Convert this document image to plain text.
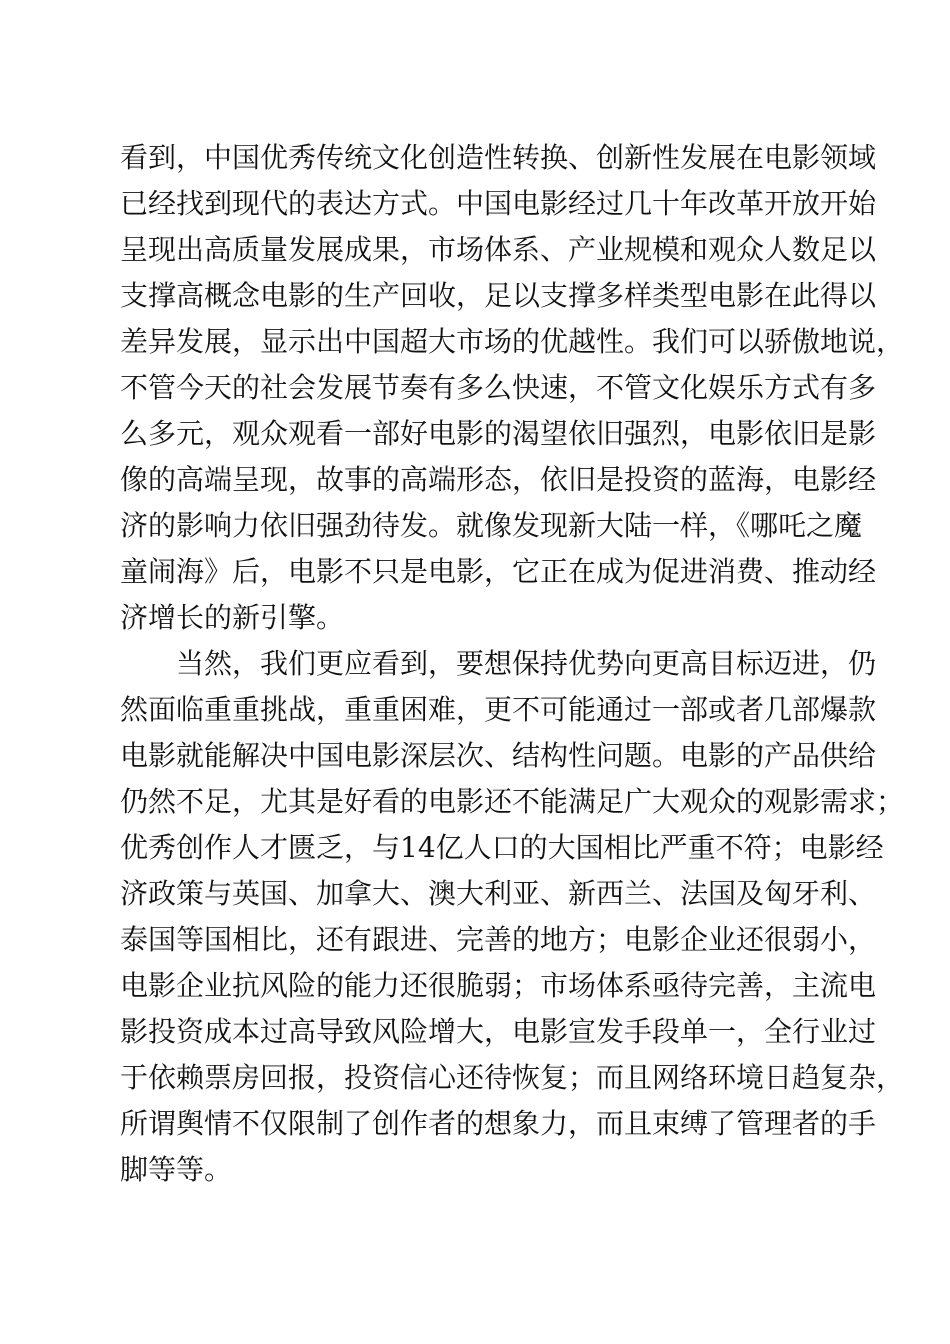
看到，中国优秀传统文化创造性转换、创新性发展在电影领域
已经找到现代的表达方式。中国电影经过几十年改革开放开始
呈现出高质量发展成果，市场体系、产业规模和观众人数足以
支撑高概念电影的生产回收，足以支撑多样类型电影在此得以
差异发展，显示出中国超大市场的优越性。我们可以骄傲地说，
不管今天的社会发展节奏有多么快速，不管文化娱乐方式有多
么多元，观众观看一部好电影的渴望依旧强烈，电影依旧是影
像的高端呈现，故事的高端形态，依旧是投资的蓝海，电影经
济的影响力依旧强劲待发。就像发现新大陆一样，《哪吒之魔
童闹海》后，电影不只是电影，它正在成为促进消费、推动经
济增长的新引擎。
当然，我们更应看到，要想保持优势向更高目标迈进，仍
然面临重重挑战，重重困难，更不可能通过一部或者几部爆款
电影就能解决中国电影深层次、结构性问题。电影的产品供给
仍然不足，尤其是好看的电影还不能满足广大观众的观影需求；
优秀创作人才匮乏，与14亿人口的大国相比严重不符；电影经
济政策与英国、加拿大、澳大利亚、新西兰、法国及匈牙利、
泰国等国相比，还有跟进、完善的地方；电影企业还很弱小，
电影企业抗风险的能力还很脆弱；市场体系亟待完善，主流电
影投资成本过高导致风险增大，电影宣发手段单一，全行业过
于依赖票房回报，投资信心还待恢复；而且网络环境日趋复杂，
所谓舆情不仅限制了创作者的想象力，而且束缚了管理者的手
脚等等。
